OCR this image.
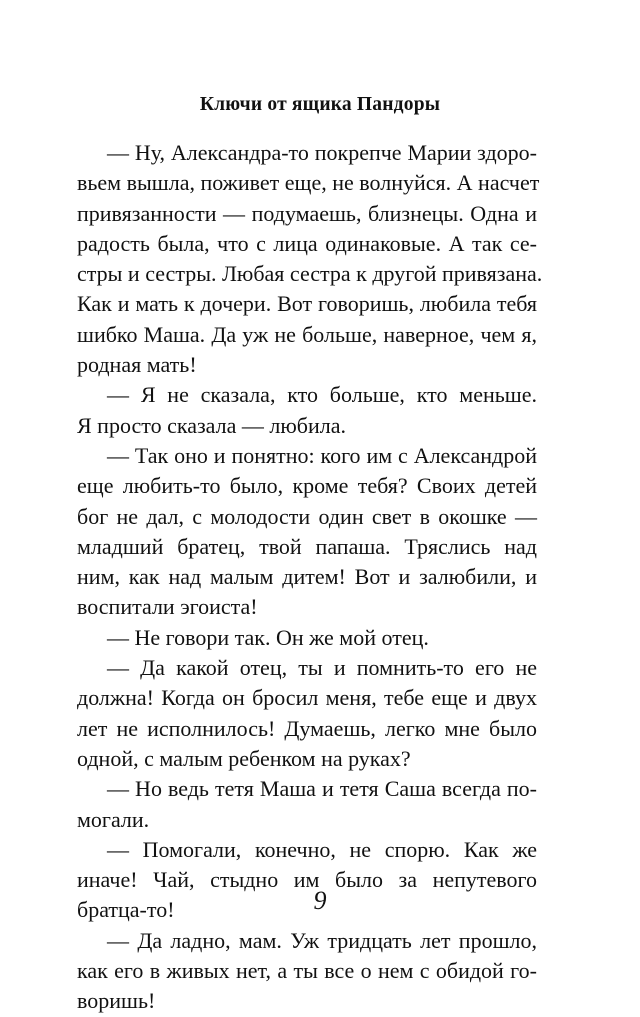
Ключи от ящика Пандоры
— Ну, Александра-то покрепче Марии здоро-
вьем вышла, поживет еще, не волнуйся. А насчет
привязанности — подумаешь, близнецы. Одна и
радость была, что с лица одинаковые. А так се-
стры и сестры. Любая сестра к другой привязана.
Как и мать к дочери. Вот говоришь, любила тебя
шибко Маша. Да уж не больше, наверное, чем я,
родная мать!
— Я не сказала, кто больше, кто меньше.
Я просто сказала — любила.
— Так оно и понятно: кого им с Александрой
еще любить-то было, кроме тебя? Своих детей
бог не дал, с молодости один свет в окошке —
младший братец, твой папаша. Тряслись над
ним, как над малым дитем! Вот и залюбили, и
воспитали эгоиста!
— Не говори так. Он же мой отец.
— Да какой отец, ты и помнить-то его не
должна! Когда он бросил меня, тебе еще и двух
лет не исполнилось! Думаешь, легко мне было
одной, с малым ребенком на руках?
— Но ведь тетя Маша и тетя Саша всегда по-
могали.
— Помогали, конечно, не спорю. Как же
иначе! Чай, стыдно им было за непутевого
братца-то!
— Да ладно, мам. Уж тридцать лет прошло,
как его в живых нет, а ты все о нем с обидой го-
воришь!
9
